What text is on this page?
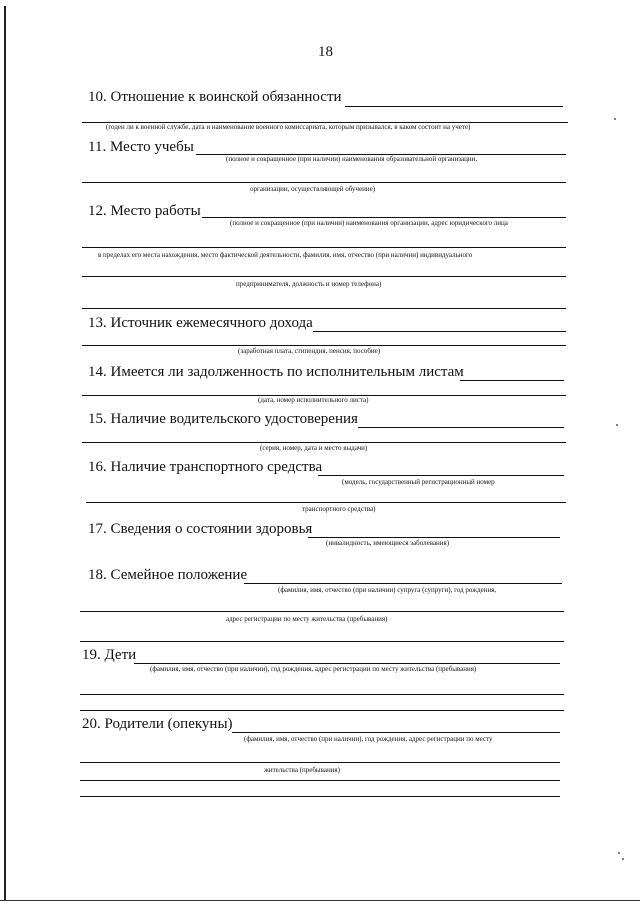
18
10. Отношение к воинской обязанности
(годен ли к военной службе, дата и наименование военного комиссариата, которым призывался, в каком состоит на учете)
11. Место учебы
(полное и сокращенное (при наличии) наименования образовательной организации,
организации, осуществляющей обучение)
12. Место работы
(полное и сокращенное (при наличии) наименования организации, адрес юридического лица
в пределах его места нахождения, место фактической деятельности, фамилия, имя, отчество (при наличии) индивидуального
предпринимателя, должность и номер телефона)
13. Источник ежемесячного дохода
(заработная плата, стипендия, пенсия, пособие)
14. Имеется ли задолженность по исполнительным листам
(дата, номер исполнительного листа)
15. Наличие водительского удостоверения
(серия, номер, дата и место выдачи)
16. Наличие транспортного средства
(модель, государственный регистрационный номер
транспортного средства)
17. Сведения о состоянии здоровья
(инвалидность, имеющиеся заболевания)
18. Семейное положение
(фамилия, имя, отчество (при наличии) супруга (супруги), год рождения,
адрес регистрации по месту жительства (пребывания)
19. Дети
(фамилия, имя, отчество (при наличии), год рождения, адрес регистрации по месту жительства (пребывания)
20. Родители (опекуны)
(фамилия, имя, отчество (при наличии), год рождения, адрес регистрации по месту
жительства (пребывания)
